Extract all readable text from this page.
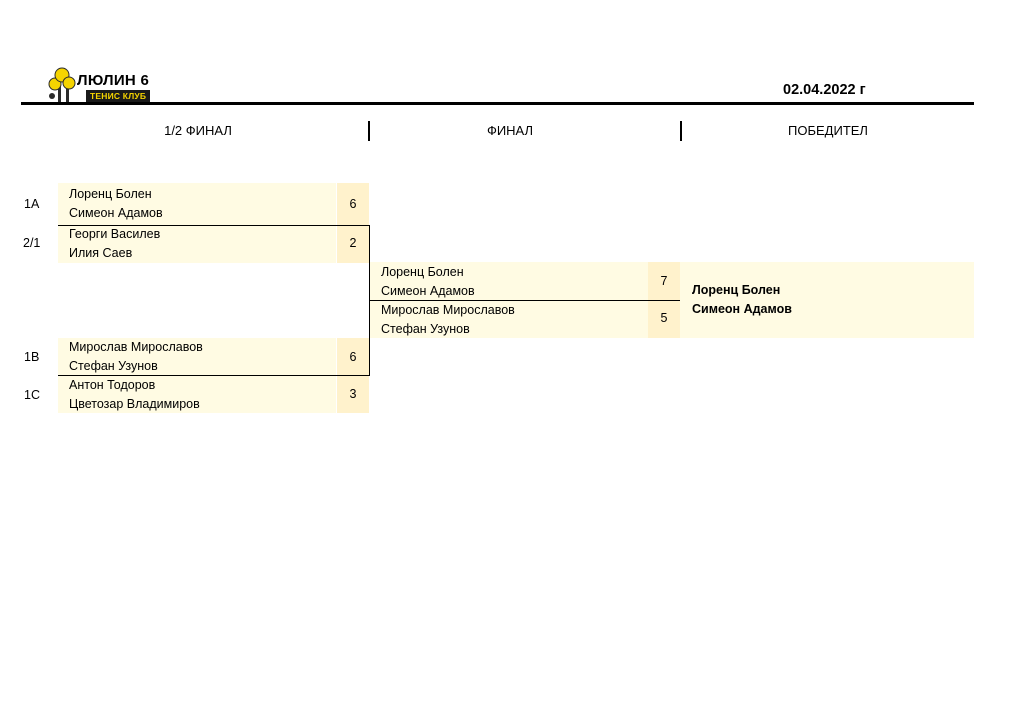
ЛЮЛИН 6
ТЕНИС КЛУБ	02.04.2022 г
1/2 ФИНАЛ	ФИНАЛ	ПОБЕДИТЕЛ
1A
Лоренц Болен
Симеон Адамов
6
2/1
Георги Василев
Илия Саев
2
1B
Мирослав Мирославов
Стефан Узунов
6
1C
Антон Тодоров
Цветозар Владимиров
3
Лоренц Болен
Симеон Адамов
7
Мирослав Мирославов
Стефан Узунов
5
Лоренц Болен
Симеон Адамов
